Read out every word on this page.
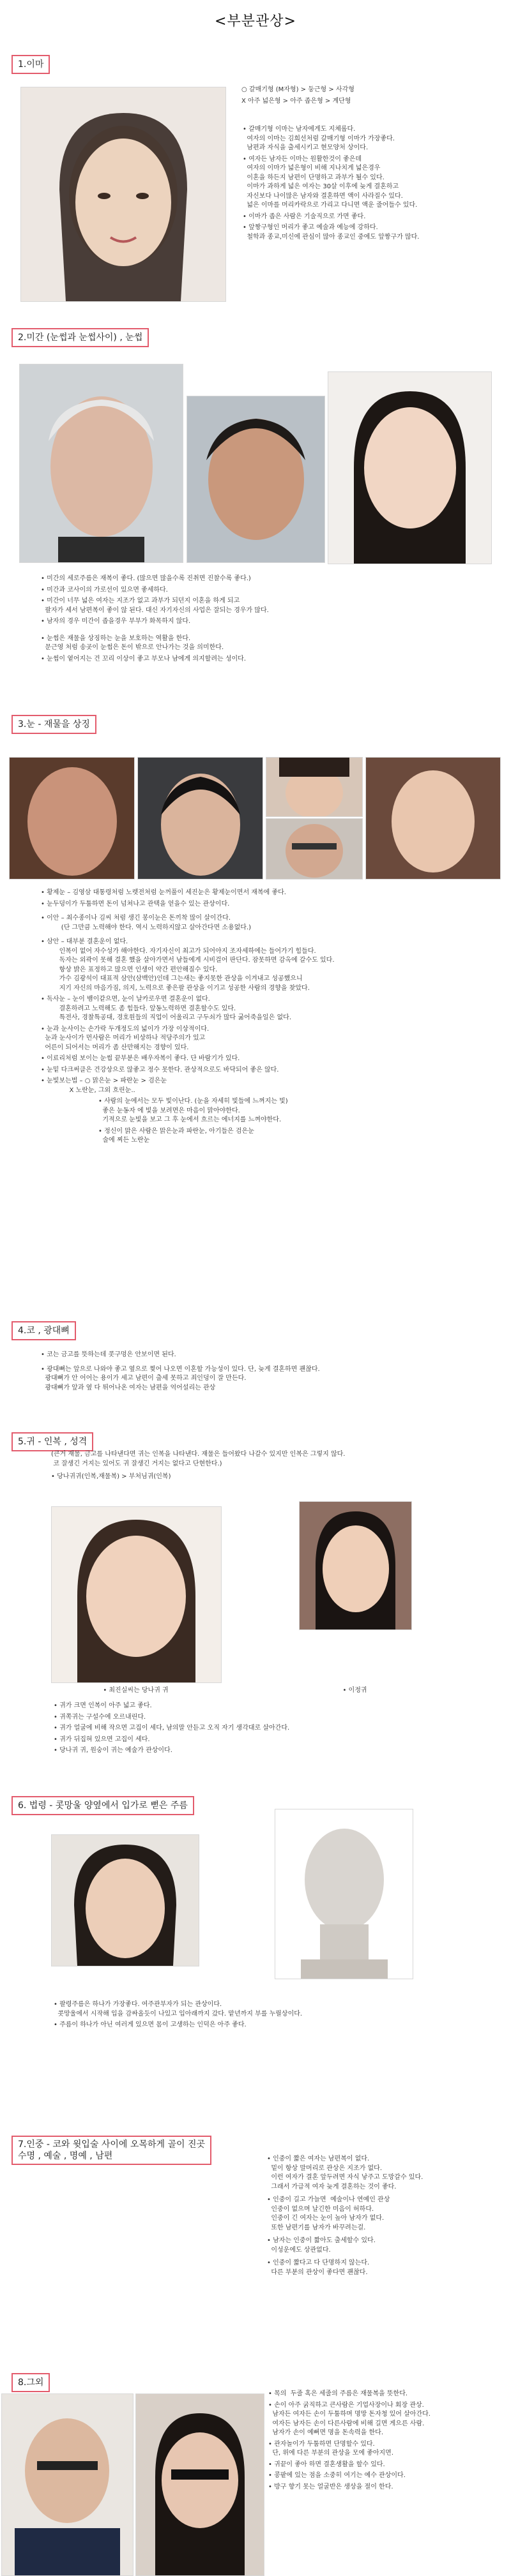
<부분관상>
1.이마
○ 갈매기형 (M자형) > 둥근형 > 사각형
X 아주 넓은형 > 아주 좁은형 > 계단형
• 갈매기형 이마는 남자에게도 지체롭다.
여자의 이마는 김희선처럼 갈매기형 이마가 가장좋다.
남편과 자식을 출세시키고 현모양처 상이다.
• 여자든 남자든 이마는 원활한것이 좋은데
여자의 이마가 넓은형이 비해 지나치게 넓은경우
이혼을 하든지 남편이 단명하고 과부가 될수 있다.
이마가 과하게 넓은 여자는 30살 이후에 늦게 결혼하고
자신보다 나이많은 남자와 결혼하면 액이 사라질수 있다.
넓은 이마를 머리카락으로 가리고 다니면 액운 줄어들수 있다.
• 이마가 좁은 사람은 기술직으로 가면 좋다.
• 앞짱구형인 머리가 좋고 예술과 예능에 강하다.
철학과 종교,미신에 관심이 많아 종교인 중에도 앞짱구가 많다.
2.미간 (눈썹과 눈썹사이) , 눈썹
• 미간의 세로주름은 재복이 좋다. (많으면 많을수록 진취면 진찰수록 좋다.)
• 미간과 코사이의 가로선이 있으면 좋세하다.
• 미간이 너무 넓은 여자는 지조가 없고 과부가 되던지 이혼을 하게 되고
팔자가 세서 남편복이 좋이 않 된다. 대신 자기자신의 사업은 잘되는 경우가 많다.
• 남자의 경우 미간이 좁을경우 부부가 화목하지 않다.
• 눈썹은 재물을 상징하는 눈을 보호하는 역활을 한다.
문근영 처럼 송곳이 눈썹은 돈이 밖으로 안나가는 것을 의미한다.
• 눈썹이 옅어지는 건 꼬리 이상이 좋고 부모나 남에게 의지할려는 성이다.
3.눈 - 재물을 상징
• 황제눈 – 김영삼 대통령처럼 노렛전처럼 눈꺼풀이 세진눈은 황제눈이면서 재복에 좋다.
• 눈두덩이가 두툼하면 돈이 넘쳐나고 관택을 얻을수 있는 관상이다.
• 이안 – 최수종이나 김씨 처럼 생긴 봉이눈은 돈끼착 많이 살이간다.
(단 그만큼 노력해야 한다. 역시 노력하지않고 살아간다면 소용없다.)
• 삼안 – 대부분 결혼운이 없다.
인복이 없어 자수성가 해야한다. 자기자신이 최고가 되어야지 조자세하에는 들어가기 힘들다.
독자는 외곽이 못해 결혼 했을 살아가면서 남들에게 시비걸어 판단다. 잠못하면 감옥에 갈수도 있다.
항상 밝은 표정하고 많으면 인생이 약간 편안해질수 있다.
가수 김광석이 대표적 삼안(삼백안)인데 그는새는 좋지못한 관상을 이겨내고 성공했으니
지기 자신의 마음가짐, 의지, 노력으로 좋은팔 관상을 이기고 성공한 사람의 경향을 찾았다.
• 독사눈 – 눈이 뱀이같으면, 눈이 날카로우면 결혼운이 없다.
결혼하려고 노력해도 좀 힘들다. 앞동노력하면 결혼할수도 있다.
특전사, 경찰특공대, 경호원들의 직업이 어울리고 구두쇠가 많다 굶어죽을일은 없다.
• 눈과 눈사이는 손가락 두개정도의 넓이가 가장 이상적이다.
눈과 눈사이가 먼사람은 머리가 비상하나 적당주의가 있고
어른이 되어서는 머리가 좀 산만해지는 경향이 있다.
• 이료리처럼 보이는 눈썹 끝부분은 배우자복이 좋다. 단 바람기가 있다.
• 눈밑 다크써클은 건강상으로 않좋고 정수 못한다. 관상적으로도 바닥되어 좋은 않다.
• 눈빛보는법 – ○ 맑은눈 > 파란눈 > 검은눈
X 노란눈, 그외 흐린눈..
• 사람의 눈에서는 모두 빛이난다. (눈을 자세히 빛들에 느껴지는 빛)
좋은 눈동자 에 빛을 보려면은 마음이 맑아야한다.
기적으로 눈빛을 보고 그 후 눈에서 흐르는 에너지를 느껴야한다.
• 정신이 맑은 사람은 맑은눈과 파란눈, 아기들은 검은눈
술에 찌든 노란눈
4.코 , 광대뼈
• 코는 금고를 뜻하는데 콧구멍은 안보이면 된다.
• 광대뼈는 앞으로 나와야 좋고 옆으로 찢어 나오면 이혼할 가능성이 있다. 단, 늦게 결혼하면 괜찮다.
광대뼈가 안 어어는 용이가 세고 남편이 출세 못하고 죄인덩이 잘 만든다.
광대뼈가 앞과 옆 다 튀어나온 여자는 남편을 억어설리는 관상
5.귀 - 인복 , 성격
(큰거 재물, 금고를 나타낸다면 귀는 인복을 나타낸다. 재물은 들어왔다 나갈수 있지만 인복은 그렇지 않다.
코 잘생긴 거지는 있어도 귀 잘생긴 거지는 없다고 단현한다.)
• 당나귀귀(인복,재물복) > 부처님귀(인복)
• 최진실씨는 당나귀 귀	• 이정귀
• 귀가 크면 인복이 아주 넓고 좋다.
• 귀쪽귀는 구설수에 오르내린다.
• 귀가 얼굴에 비해 작으면 고집이 세다, 남의말 안듣고 오직 자기 생각대로 살아간다.
• 귀가 뒤집혀 있으면 고집이 세다.
• 당나귀 귀, 원숭이 귀는 예술가 관상이다.
6. 법령 - 콧망울 양옆에서 입가로 뻗은 주름
• 팔령주름은 하나가 가장좋다. 여주관부자가 되는 관상이다.
콧망울에서 시작해 입을 감싸올듯이 나있고 입아래까지 갔다. 맡년까지 부를 누릴상이다.
• 주름이 하나가 아닌 여러게 있으면 몸이 고생하는 인덕은 아주 좋다.
7.인중 - 코와 윗입술 사이에 오목하게 골이 진곳
수명 , 예술 , 명예 , 남편	• 인중이 짧은 여자는 남편복이 없다.
밑이 항상 말머리로 관상은 지조가 없다.
이런 여자가 결혼 앞두려면 자식 낳주고 도망갈수 있다.
그래서 가급적 여자 늦게 결혼하는 것이 좋다.
• 인중이 길고 가늘면  예술이나 연예인 관상
인중이 없으며 날긴한 미음이 허하다.
인중이 긴 여자는 눈이 높아 남자가 없다.
또한 남편기를 남자가 바꾸려는걸.
• 남자는 인중이 짧아도 출세할수 있다.
이성운에도 상관없다.
• 인중이 짧다고 다 단명하지 않는다.
다른 부분의 관상이 좋다면 괜찮다.
8.그외
• 목의  두줄 혹은 세줄의 주름은 재물복을 뜻한다.
• 손이 아주 굵직하고 큰사람은 기업사장이나 회장 관상.
남자든 여자든 손이 두툼하며 명망 돈자청 있어 살아간다.
여자든 남자든 손이 다른사람에 비해 길면 게으른 사람.
남자가 손이 예뻐면 명을 돈속력을 한다.
• 관자놀이가 두툼하면 단명할수 있다.
단, 위에 다른 부분의 관상을 모에 좋아지면.
• 귀끝이 좋아 하면 결혼생활을 할수 있다.
• 콩팥에 있는 점을 소중히 여기는 예수 관상이다.
• 방구 향기 못는 얼굴반은 생상을 절이 한다.
